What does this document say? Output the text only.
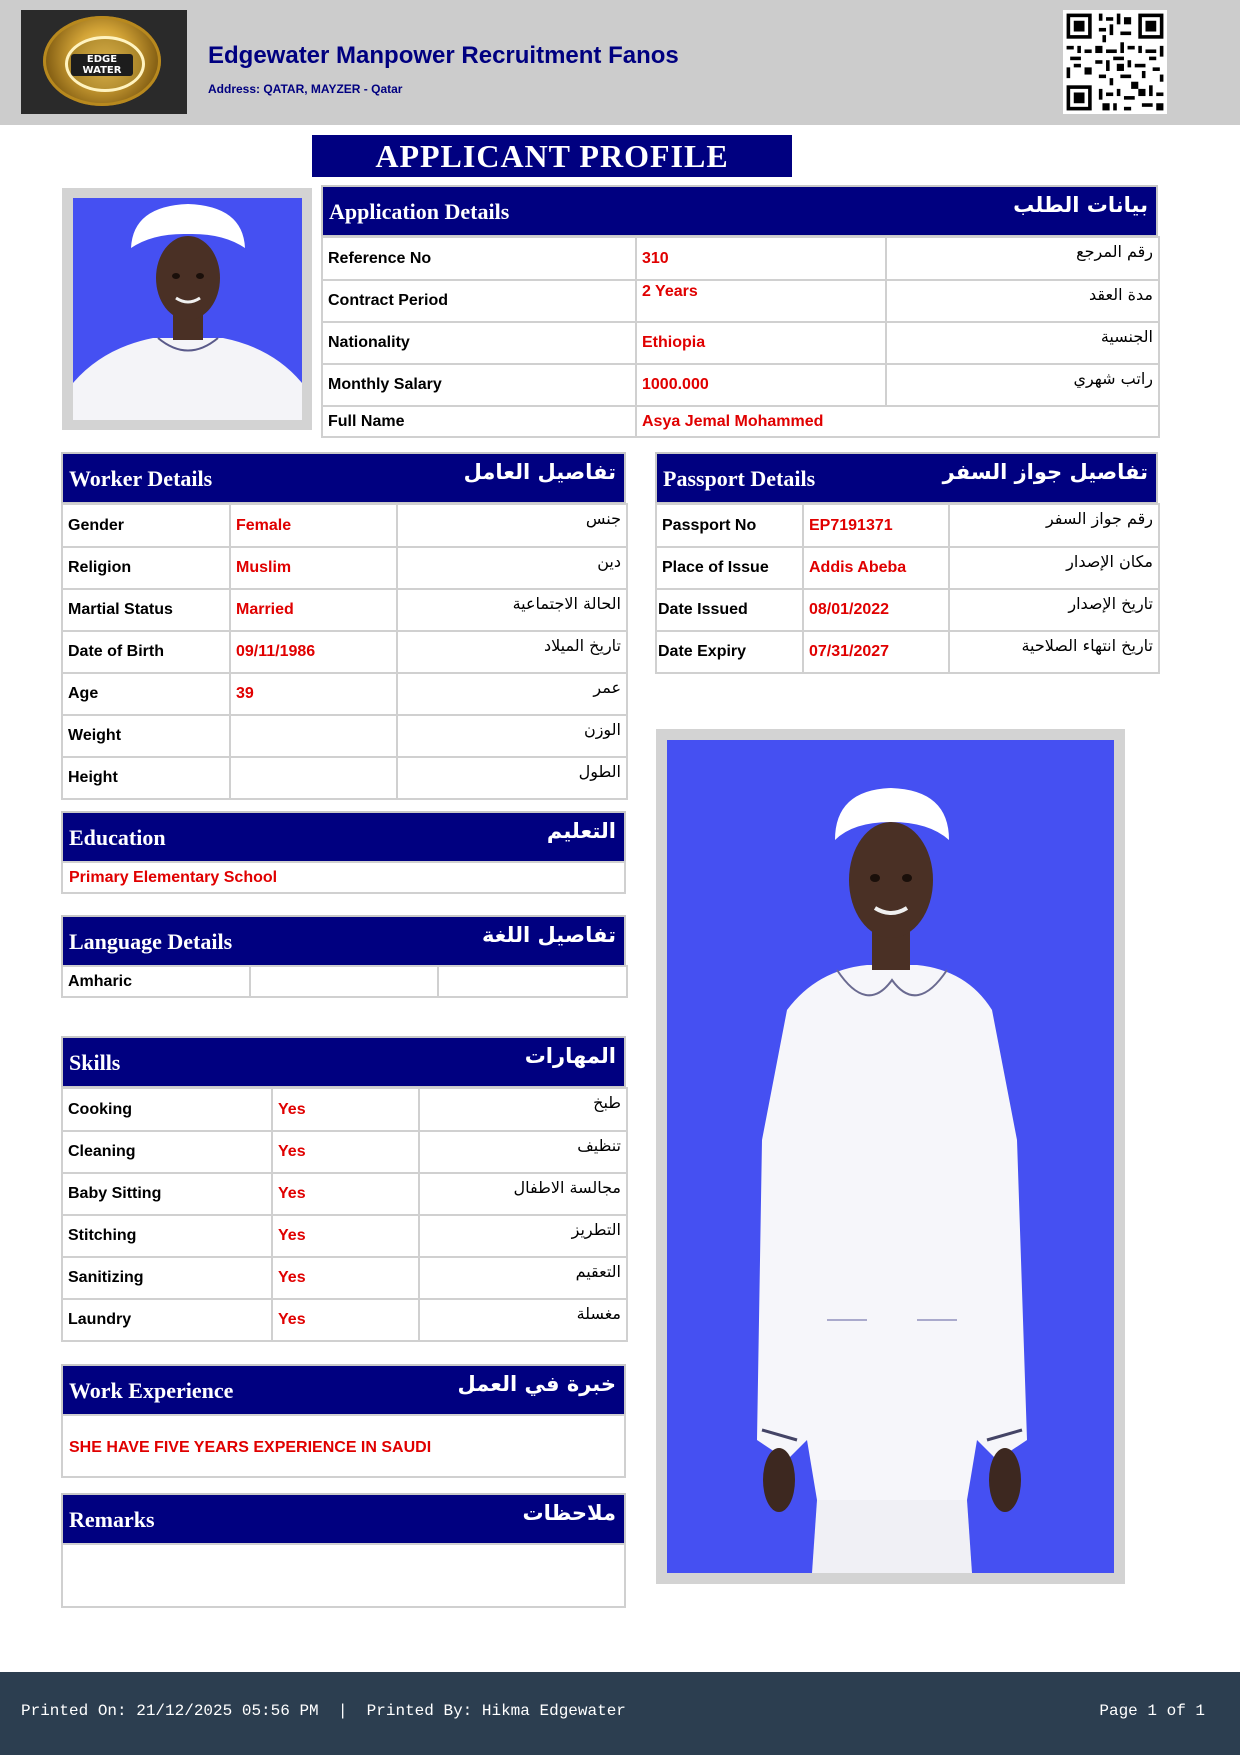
EDGE WATER
Edgewater Manpower Recruitment Fanos
Address: QATAR, MAYZER - Qatar
APPLICANT PROFILE
Application Details	بيانات الطلب
Reference No	310	رقم المرجع
Contract Period	2 Years	مدة العقد
Nationality	Ethiopia	الجنسية
Monthly Salary	1000.000	راتب شهري
Full Name	Asya Jemal Mohammed	
Worker Details	تفاصيل العامل
Gender	Female	جنس
Religion	Muslim	دين
Martial Status	Married	الحالة الاجتماعية
Date of Birth	09/11/1986	تاريخ الميلاد
Age	39	عمر
Weight		الوزن
Height		الطول
Passport Details	تفاصيل جواز السفر
Passport No	EP7191371	رقم جواز السفر
Place of Issue	Addis Abeba	مكان الإصدار
Date Issued	08/01/2022	تاريخ الإصدار
Date Expiry	07/31/2027	تاريخ انتهاء الصلاحية
Education	التعليم
Primary Elementary School
Language Details	تفاصيل اللغة
Amharic		
Skills	المهارات
Cooking	Yes	طبخ
Cleaning	Yes	تنظيف
Baby Sitting	Yes	مجالسة الاطفال
Stitching	Yes	التطريز
Sanitizing	Yes	التعقيم
Laundry	Yes	مغسلة
Work Experience	خبرة في العمل
SHE HAVE FIVE YEARS EXPERIENCE IN SAUDI
Remarks	ملاحظات
Printed On: 21/12/2025 05:56 PM  |  Printed By: Hikma Edgewater	Page 1 of 1
